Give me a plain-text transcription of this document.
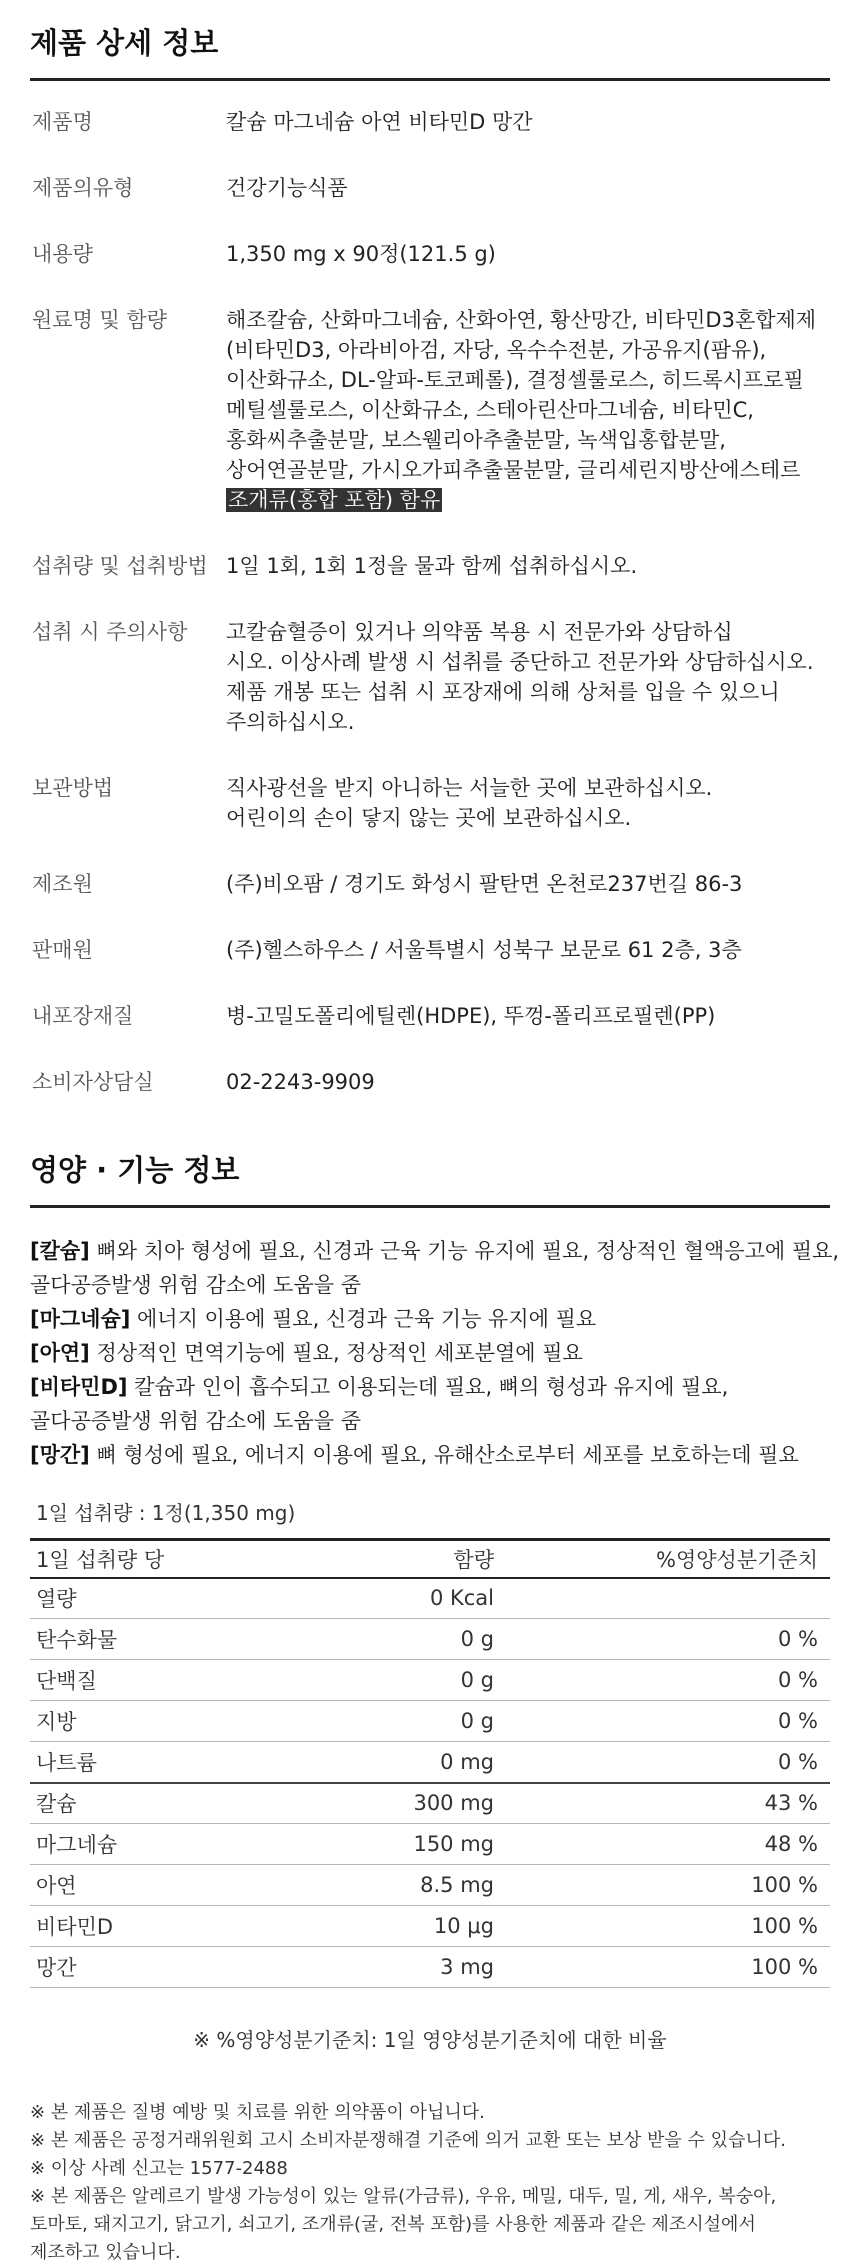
제품 상세 정보
제품명	칼슘 마그네슘 아연 비타민D 망간
제품의유형	건강기능식품
내용량	1,350 mg x 90정(121.5 g)
원료명 및 함량	해조칼슘, 산화마그네슘, 산화아연, 황산망간, 비타민D3혼합제제
(비타민D3, 아라비아검, 자당, 옥수수전분, 가공유지(팜유),
이산화규소, DL-알파-토코페롤), 결정셀룰로스, 히드록시프로필
메틸셀룰로스, 이산화규소, 스테아린산마그네슘, 비타민C,
홍화씨추출분말, 보스웰리아추출분말, 녹색입홍합분말,
상어연골분말, 가시오가피추출물분말, 글리세린지방산에스테르
조개류(홍합 포함) 함유
섭취량 및 섭취방법 1일 1회, 1회 1정을 물과 함께 섭취하십시오.
섭취 시 주의사항	고칼슘혈증이 있거나 의약품 복용 시 전문가와 상담하십
시오. 이상사례 발생 시 섭취를 중단하고 전문가와 상담하십시오.
제품 개봉 또는 섭취 시 포장재에 의해 상처를 입을 수 있으니
주의하십시오.
보관방법	직사광선을 받지 아니하는 서늘한 곳에 보관하십시오.
어린이의 손이 닿지 않는 곳에 보관하십시오.
제조원	(주)비오팜 / 경기도 화성시 팔탄면 온천로237번길 86-3
판매원	(주)헬스하우스 / 서울특별시 성북구 보문로 61 2층, 3층
내포장재질	병-고밀도폴리에틸렌(HDPE), 뚜껑-폴리프로필렌(PP)
소비자상담실	02-2243-9909
영양 · 기능 정보
[칼슘] 뼈와 치아 형성에 필요, 신경과 근육 기능 유지에 필요, 정상적인 혈액응고에 필요,
골다공증발생 위험 감소에 도움을 줌
[마그네슘] 에너지 이용에 필요, 신경과 근육 기능 유지에 필요
[아연] 정상적인 면역기능에 필요, 정상적인 세포분열에 필요
[비타민D] 칼슘과 인이 흡수되고 이용되는데 필요, 뼈의 형성과 유지에 필요,
골다공증발생 위험 감소에 도움을 줌
[망간] 뼈 형성에 필요, 에너지 이용에 필요, 유해산소로부터 세포를 보호하는데 필요
1일 섭취량 : 1정(1,350 mg)
1일 섭취량 당	함량	%영양성분기준치
열량	0 Kcal	
탄수화물	0 g	0 %
단백질	0 g	0 %
지방	0 g	0 %
나트륨	0 mg	0 %
칼슘	300 mg	43 %
마그네슘	150 mg	48 %
아연	8.5 mg	100 %
비타민D	10 μg	100 %
망간	3 mg	100 %
※ %영양성분기준치: 1일 영양성분기준치에 대한 비율
※ 본 제품은 질병 예방 및 치료를 위한 의약품이 아닙니다.
※ 본 제품은 공정거래위원회 고시 소비자분쟁해결 기준에 의거 교환 또는 보상 받을 수 있습니다.
※ 이상 사례 신고는 1577-2488
※ 본 제품은 알레르기 발생 가능성이 있는 알류(가금류), 우유, 메밀, 대두, 밀, 게, 새우, 복숭아,
토마토, 돼지고기, 닭고기, 쇠고기, 조개류(굴, 전복 포함)를 사용한 제품과 같은 제조시설에서
제조하고 있습니다.
